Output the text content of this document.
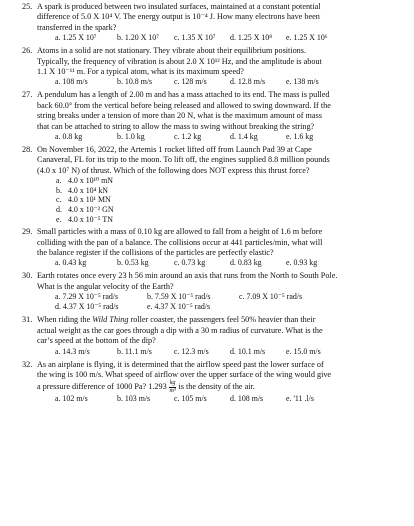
25. A spark is produced between two insulated surfaces, maintained at a constant potential
difference of 5.0 X 10⁴ V. The energy output is 10⁻⁴ J. How many electrons have been
transferred in the spark?
a. 1.25 X 10⁷	b. 1.20 X 10⁷	c. 1.35 X 10⁷	d. 1.25 X 10⁸	e. 1.25 X 10⁶
26. Atoms in a solid are not stationary. They vibrate about their equilibrium positions.
Typically, the frequency of vibration is about 2.0 X 10¹² Hz, and the amplitude is about
1.1 X 10⁻¹¹ m. For a typical atom, what is its maximum speed?
a. 108 m/s	b. 10.8 m/s	c. 128 m/s	d. 12.8 m/s	e. 138 m/s
27. A pendulum has a length of 2.00 m and has a mass attached to its end. The mass is pulled
back 60.0° from the vertical before being released and allowed to swing downward. If the
string breaks under a tension of more than 20 N, what is the maximum amount of mass
that can be attached to string to allow the mass to swing without breaking the string?
a. 0.8 kg	b. 1.0 kg	c. 1.2 kg	d. 1.4 kg	e. 1.6 kg
28. On November 16, 2022, the Artemis 1 rocket lifted off from Launch Pad 39 at Cape
Canaveral, FL for its trip to the moon. To lift off, the engines supplied 8.8 million pounds
(4.0 x 10⁷ N) of thrust. Which of the following does NOT express this thrust force?
a. 4.0 x 10¹⁰ mN
b. 4.0 x 10⁴ kN
c. 4.0 x 10¹ MN
d. 4.0 x 10⁻² GN
e. 4.0 x 10⁻⁵ TN
29. Small particles with a mass of 0.10 kg are allowed to fall from a height of 1.6 m before
colliding with the pan of a balance. The collisions occur at 441 particles/min, what will
the balance register if the collisions of the particles are perfectly elastic?
a. 0.43 kg	b. 0.53 kg	c. 0.73 kg	d. 0.83 kg	e. 0.93 kg
30. Earth rotates once every 23 h 56 min around an axis that runs from the North to South Pole.
What is the angular velocity of the Earth?
a. 7.29 X 10⁻⁵ rad/s	b. 7.59 X 10⁻⁵ rad/s	c. 7.09 X 10⁻⁵ rad/s
d. 4.37 X 10⁻⁵ rad/s	e. 4.37 X 10⁻⁵ rad/s
31. When riding the Wild Thing roller coaster, the passengers feel 50% heavier than their
actual weight as the car goes through a dip with a 30 m radius of curvature. What is the
car’s speed at the bottom of the dip?
a. 14.3 m/s	b. 11.1 m/s	c. 12.3 m/s	d. 10.1 m/s	e. 15.0 m/s
32. As an airplane is flying, it is determined that the airflow speed past the lower surface of
the wing is 100 m/s. What speed of airflow over the upper surface of the wing would give
a pressure difference of 1000 Pa? $1.293 \frac{kg}{\text{m³}}$ is the density of the air.
a. 102 m/s	b. 103 m/s	c. 105 m/s	d. 108 m/s	e. '11 .l/s
